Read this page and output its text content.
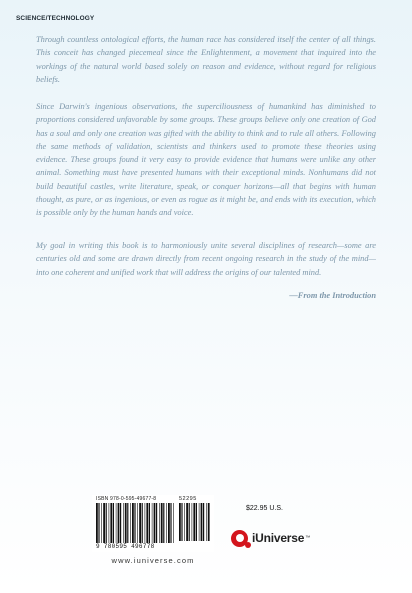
SCIENCE/TECHNOLOGY

Through countless ontological efforts, the human race has considered itself the center of all things. This conceit has changed piecemeal since the Enlightenment, a movement that inquired into the workings of the natural world based solely on reason and evidence, without regard for religious beliefs.

Since Darwin's ingenious observations, the superciliousness of humankind has diminished to proportions considered unfavorable by some groups. These groups believe only one creation of God has a soul and only one creation was gifted with the ability to think and to rule all others. Following the same methods of validation, scientists and thinkers used to promote these theories using evidence. These groups found it very easy to provide evidence that humans were unlike any other animal. Something must have presented humans with their exceptional minds. Nonhumans did not build beautiful castles, write literature, speak, or conquer horizons—all that begins with human thought, as pure, or as ingenious, or even as rogue as it might be, and ends with its execution, which is possible only by the human hands and voice.

My goal in writing this book is to harmoniously unite several disciplines of research—some are centuries old and some are drawn directly from recent ongoing research in the study of the mind—into one coherent and unified work that will address the origins of our talented mind.

—From the Introduction
ISBN 978-0-595-49677-8	52295
9 780595 496778
www.iuniverse.com
$22.95 U.S.
iUniverse ™
